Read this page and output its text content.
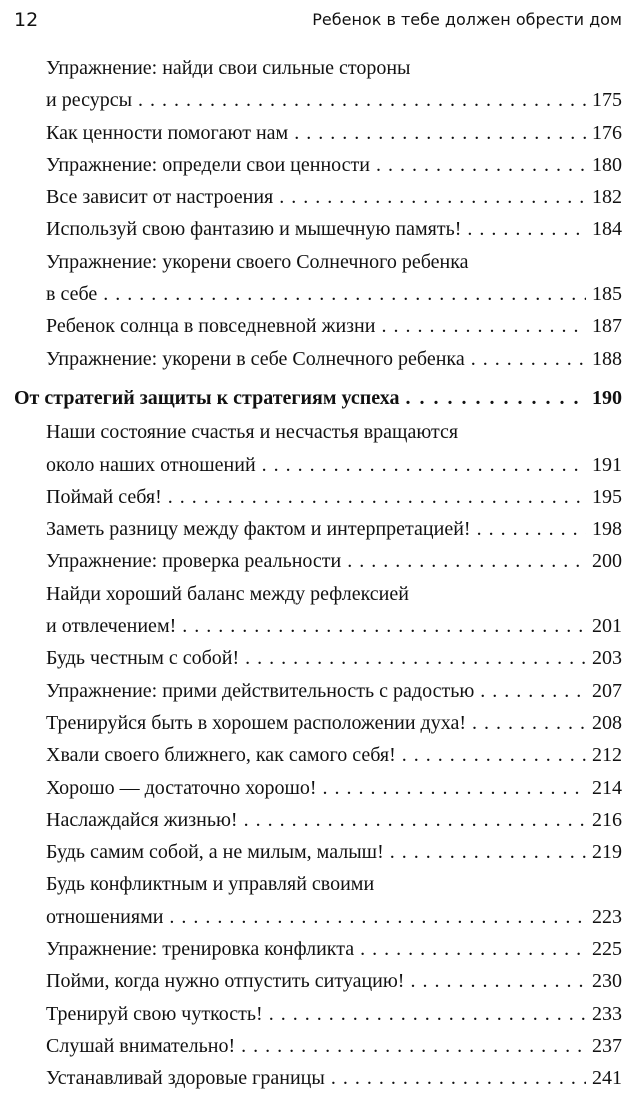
12	Ребенок в тебе должен обрести дом
Упражнение: найди свои сильные стороны
и ресурсы . . .	175
Как ценности помогают нам . . .	176
Упражнение: определи свои ценности . . .	180
Все зависит от настроения . . .	182
Используй свою фантазию и мышечную память! . . .	184
Упражнение: укорени своего Солнечного ребенка
в себе . . .	185
Ребенок солнца в повседневной жизни . . .	187
Упражнение: укорени в себе Солнечного ребенка . . .	188
От стратегий защиты к стратегиям успеха . . .	190
Наши состояние счастья и несчастья вращаются
около наших отношений . . .	191
Поймай себя! . . .	195
Заметь разницу между фактом и интерпретацией! . . .	198
Упражнение: проверка реальности . . .	200
Найди хороший баланс между рефлексией
и отвлечением! . . .	201
Будь честным с собой! . . .	203
Упражнение: прими действительность с радостью . . .	207
Тренируйся быть в хорошем расположении духа! . . .	208
Хвали своего ближнего, как самого себя! . . .	212
Хорошо — достаточно хорошо! . . .	214
Наслаждайся жизнью! . . .	216
Будь самим собой, а не милым, малыш! . . .	219
Будь конфликтным и управляй своими
отношениями . . .	223
Упражнение: тренировка конфликта . . .	225
Пойми, когда нужно отпустить ситуацию! . . .	230
Тренируй свою чуткость! . . .	233
Слушай внимательно! . . .	237
Устанавливай здоровые границы . . .	241
